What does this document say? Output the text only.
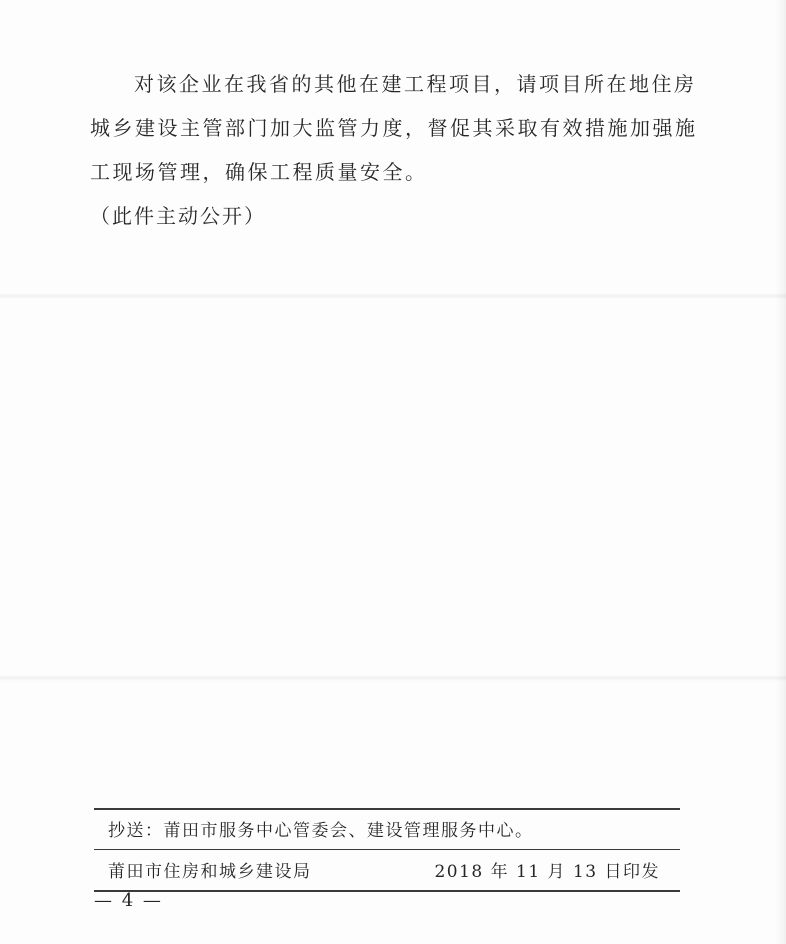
对该企业在我省的其他在建工程项目，请项目所在地住房城乡建设主管部门加大监管力度，督促其采取有效措施加强施工现场管理，确保工程质量安全。

（此件主动公开）

抄送：莆田市服务中心管委会、建设管理服务中心。
莆田市住房和城乡建设局	2018 年 11 月 13 日印发
— 4 —
